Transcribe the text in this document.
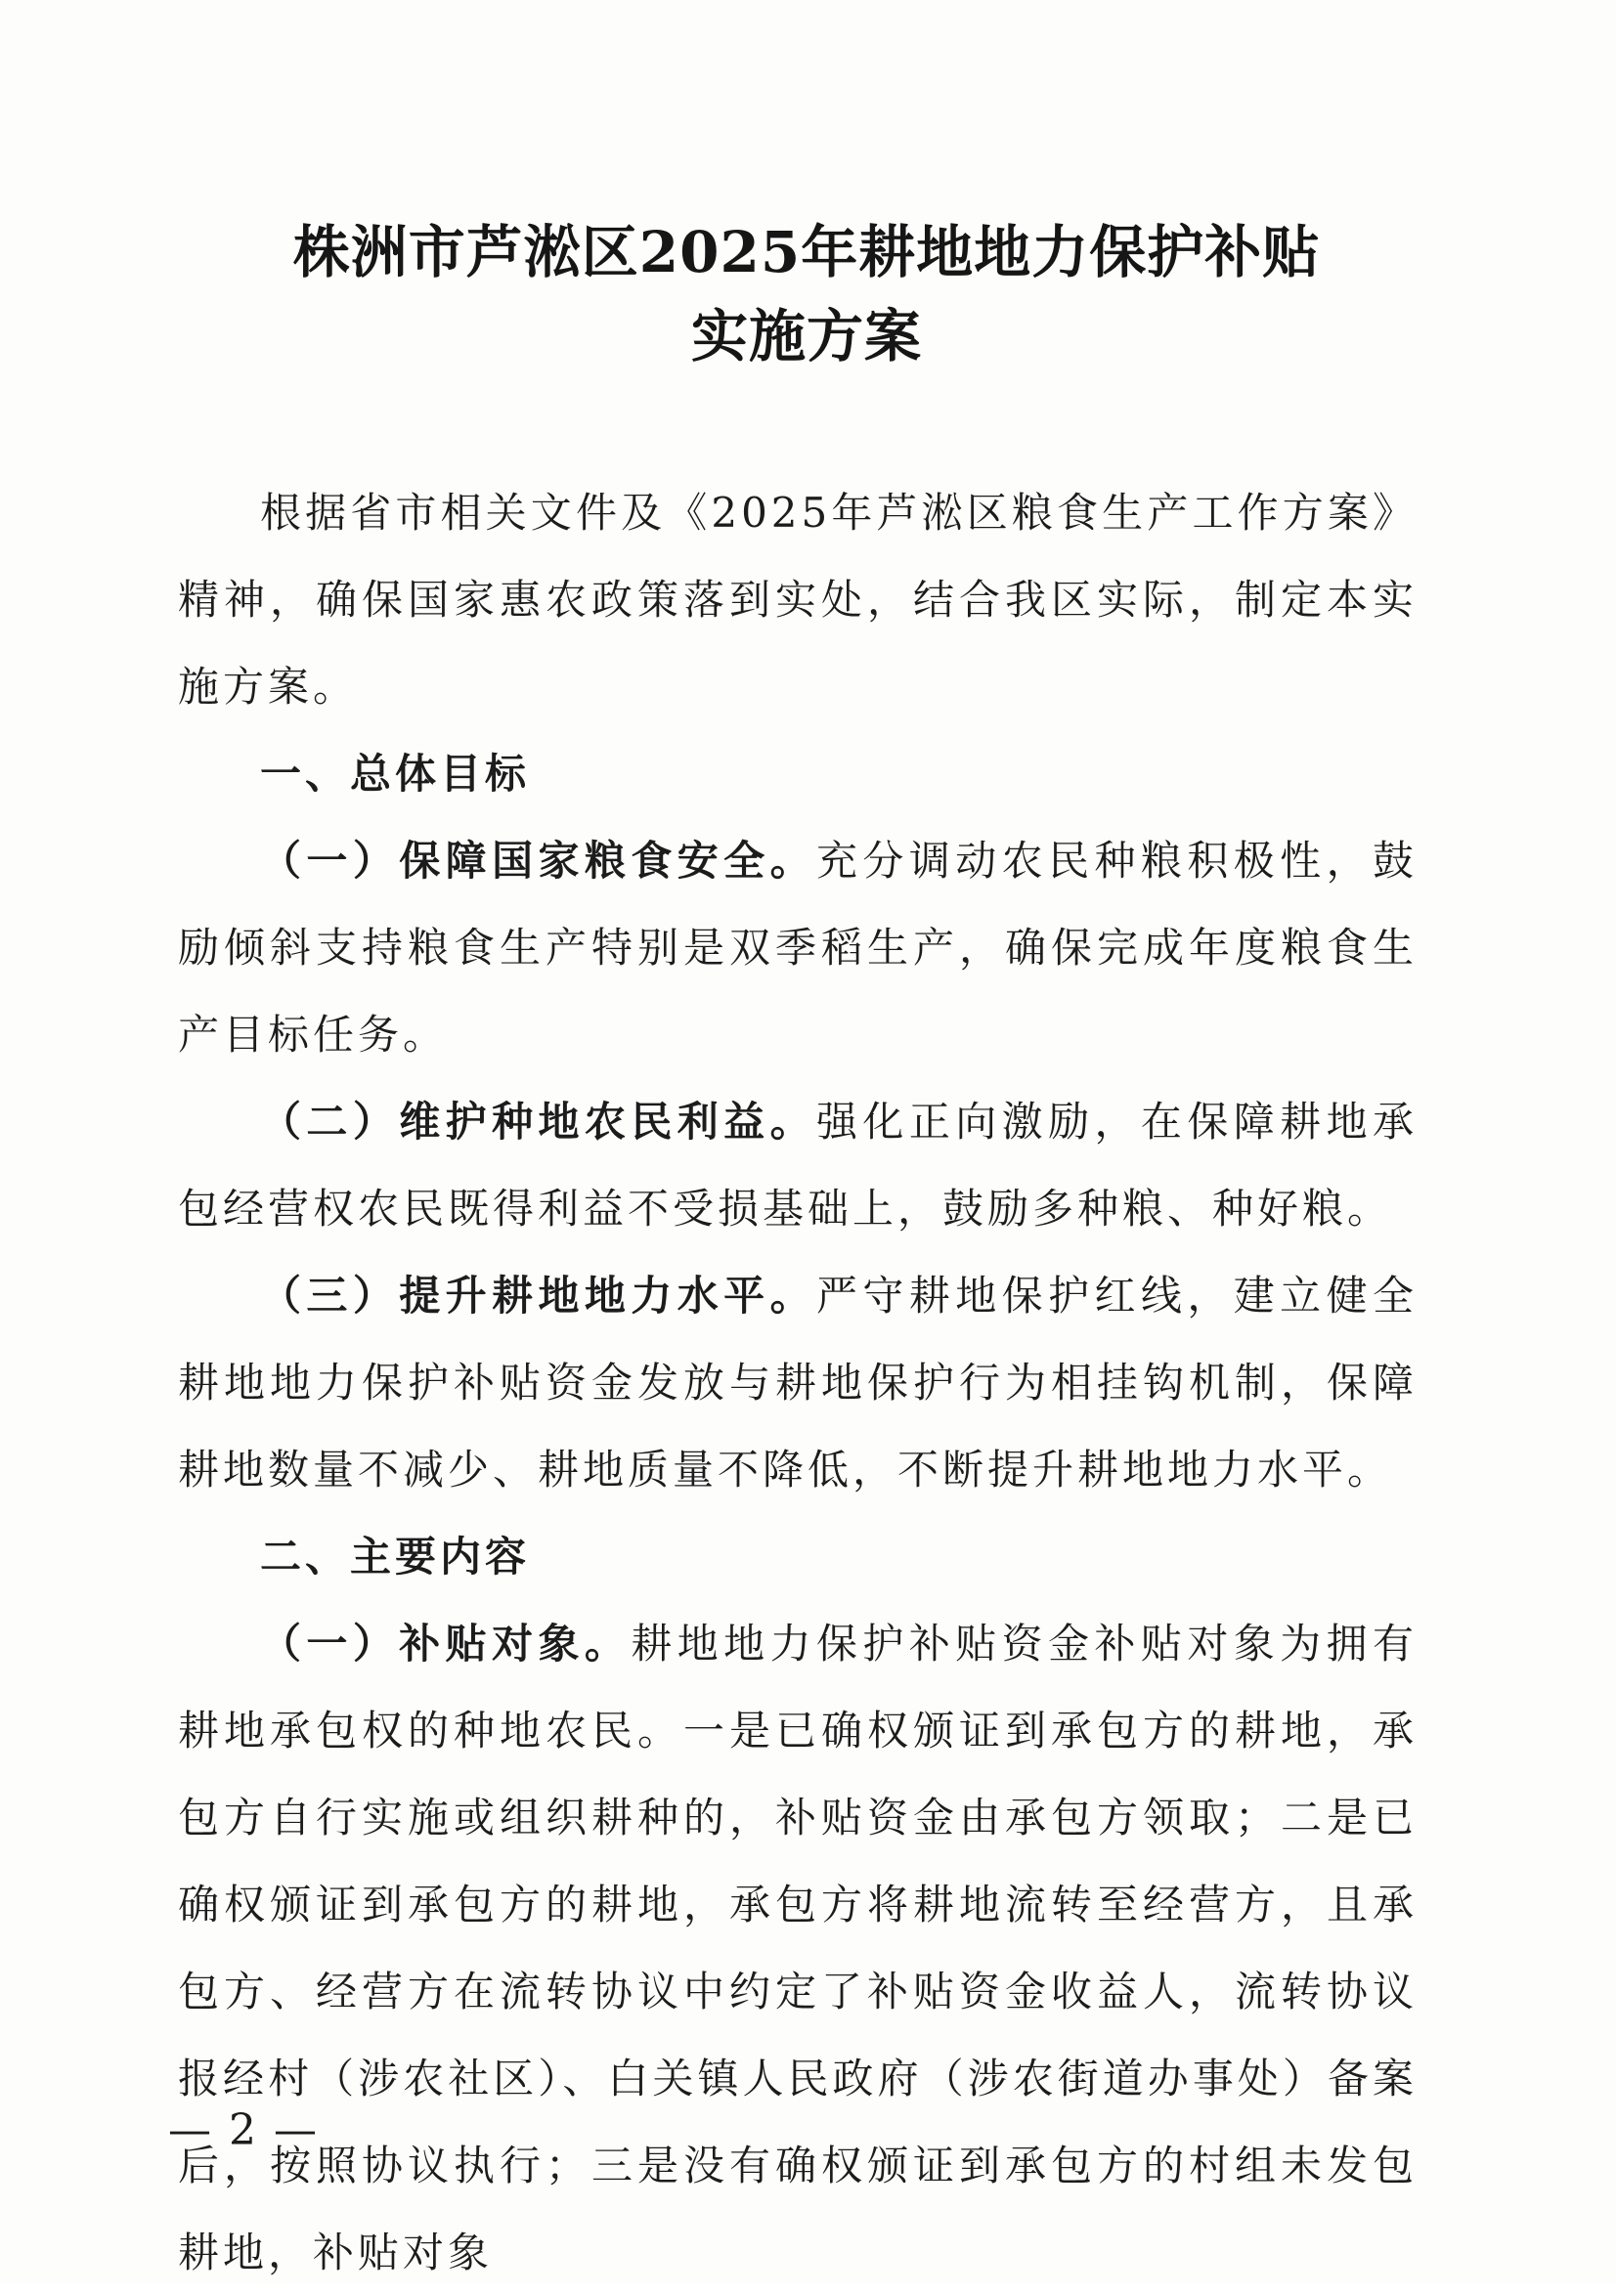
株洲市芦淞区2025年耕地地力保护补贴
实施方案

根据省市相关文件及《2025年芦淞区粮食生产工作方案》精神，确保国家惠农政策落到实处，结合我区实际，制定本实施方案。

一、总体目标

（一）保障国家粮食安全。充分调动农民种粮积极性，鼓励倾斜支持粮食生产特别是双季稻生产，确保完成年度粮食生产目标任务。

（二）维护种地农民利益。强化正向激励，在保障耕地承包经营权农民既得利益不受损基础上，鼓励多种粮、种好粮。

（三）提升耕地地力水平。严守耕地保护红线，建立健全耕地地力保护补贴资金发放与耕地保护行为相挂钩机制，保障耕地数量不减少、耕地质量不降低，不断提升耕地地力水平。

二、主要内容

（一）补贴对象。耕地地力保护补贴资金补贴对象为拥有耕地承包权的种地农民。一是已确权颁证到承包方的耕地，承包方自行实施或组织耕种的，补贴资金由承包方领取；二是已确权颁证到承包方的耕地，承包方将耕地流转至经营方，且承包方、经营方在流转协议中约定了补贴资金收益人，流转协议报经村（涉农社区）、白关镇人民政府（涉农街道办事处）备案后，按照协议执行；三是没有确权颁证到承包方的村组未发包耕地，补贴对象

— 2 —
